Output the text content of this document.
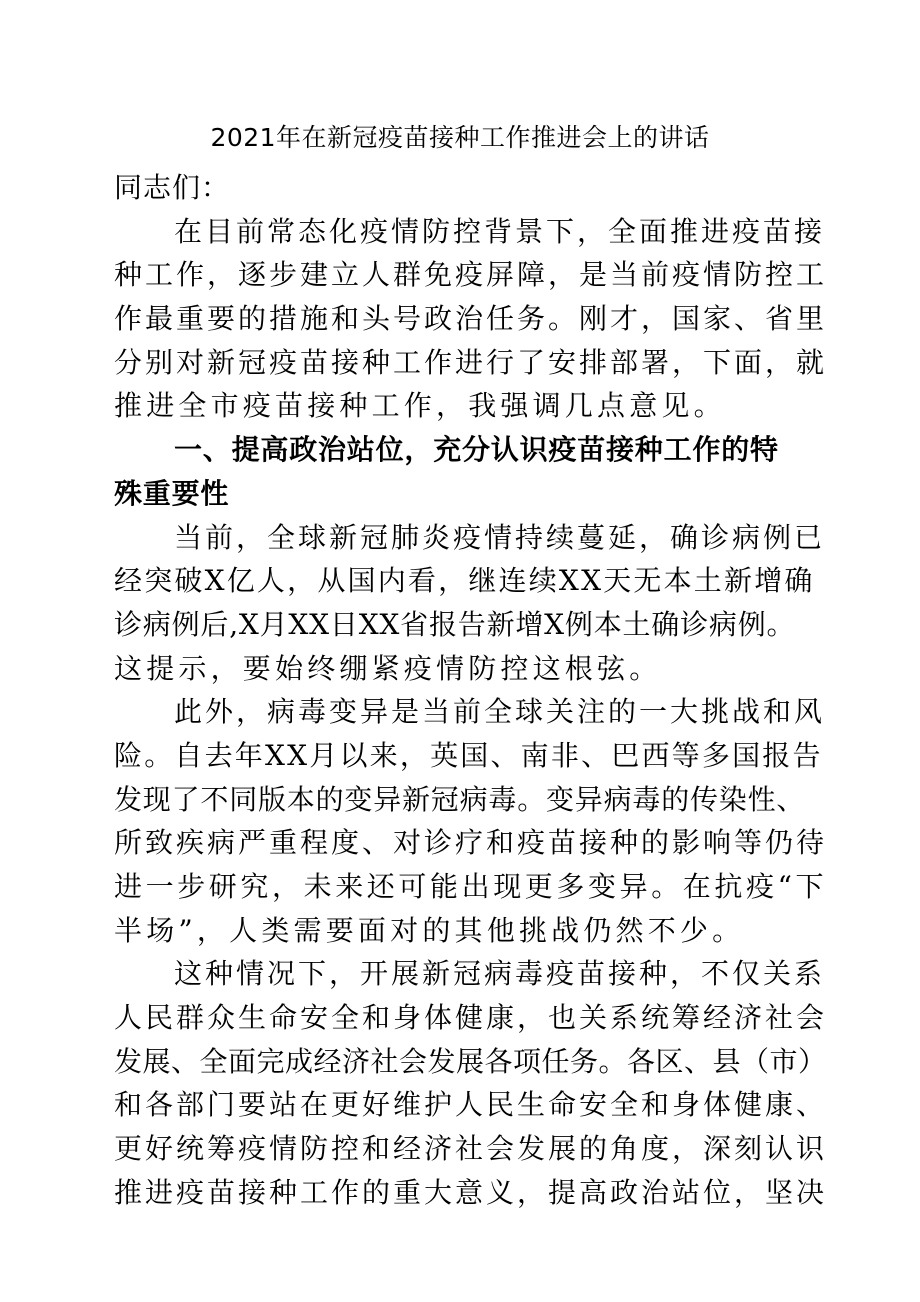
2021年在新冠疫苗接种工作推进会上的讲话
同志们：
在目前常态化疫情防控背景下，全面推进疫苗接
种工作，逐步建立人群免疫屏障，是当前疫情防控工
作最重要的措施和头号政治任务。刚才，国家、省里
分别对新冠疫苗接种工作进行了安排部署，下面，就
推进全市疫苗接种工作，我强调几点意见。
一、提高政治站位，充分认识疫苗接种工作的特
殊重要性
当前，全球新冠肺炎疫情持续蔓延，确诊病例已
经突破X亿人，从国内看，继连续XX天无本土新增确
诊病例后,X月XX日XX省报告新增X例本土确诊病例。
这提示，要始终绷紧疫情防控这根弦。
此外，病毒变异是当前全球关注的一大挑战和风
险。自去年XX月以来，英国、南非、巴西等多国报告
发现了不同版本的变异新冠病毒。变异病毒的传染性、
所致疾病严重程度、对诊疗和疫苗接种的影响等仍待
进一步研究，未来还可能出现更多变异。在抗疫“下
半场”，人类需要面对的其他挑战仍然不少。
这种情况下，开展新冠病毒疫苗接种，不仅关系
人民群众生命安全和身体健康，也关系统筹经济社会
发展、全面完成经济社会发展各项任务。各区、县（市）
和各部门要站在更好维护人民生命安全和身体健康、
更好统筹疫情防控和经济社会发展的角度，深刻认识
推进疫苗接种工作的重大意义，提高政治站位，坚决
